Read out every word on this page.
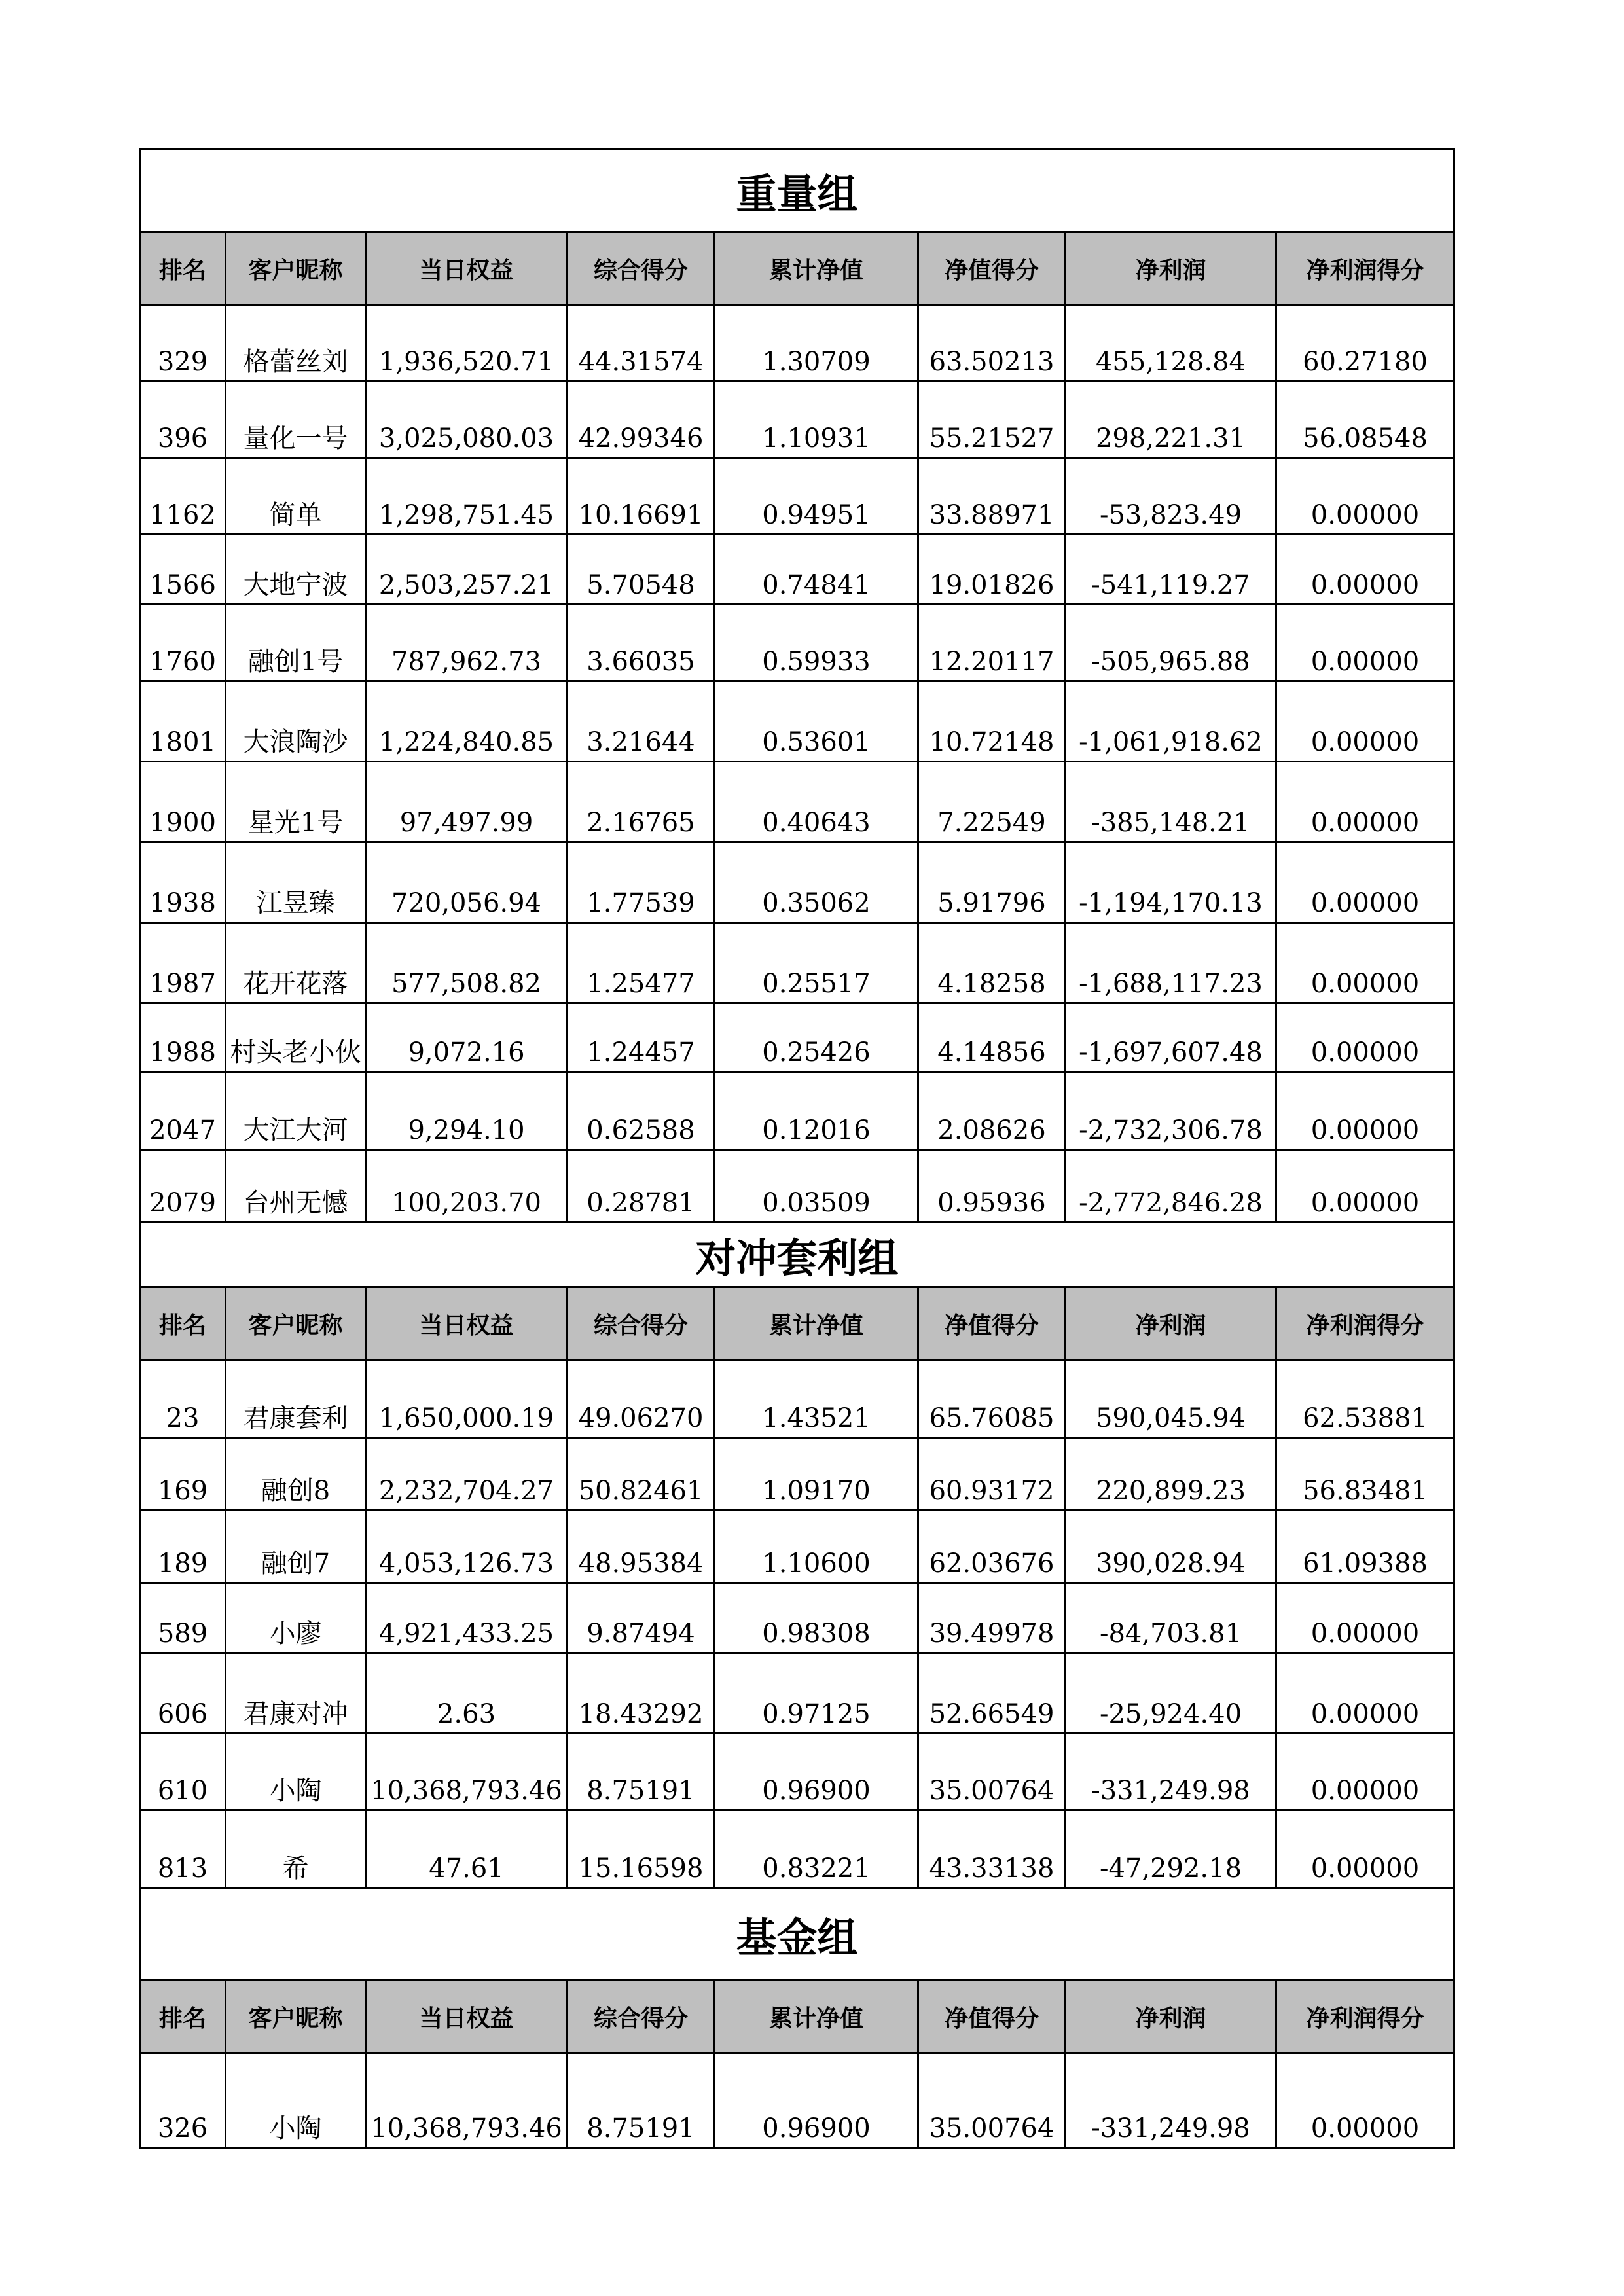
重量组							
排名	客户昵称	当日权益	综合得分	累计净值	净值得分	净利润	净利润得分
329	格蕾丝刘	1,936,520.71	44.31574	1.30709	63.50213	455,128.84	60.27180
396	量化一号	3,025,080.03	42.99346	1.10931	55.21527	298,221.31	56.08548
1162	简单	1,298,751.45	10.16691	0.94951	33.88971	-53,823.49	0.00000
1566	大地宁波	2,503,257.21	5.70548	0.74841	19.01826	-541,119.27	0.00000
1760	融创1号	787,962.73	3.66035	0.59933	12.20117	-505,965.88	0.00000
1801	大浪陶沙	1,224,840.85	3.21644	0.53601	10.72148	-1,061,918.62	0.00000
1900	星光1号	97,497.99	2.16765	0.40643	7.22549	-385,148.21	0.00000
1938	江昱臻	720,056.94	1.77539	0.35062	5.91796	-1,194,170.13	0.00000
1987	花开花落	577,508.82	1.25477	0.25517	4.18258	-1,688,117.23	0.00000
1988	村头老小伙	9,072.16	1.24457	0.25426	4.14856	-1,697,607.48	0.00000
2047	大江大河	9,294.10	0.62588	0.12016	2.08626	-2,732,306.78	0.00000
2079	台州无憾	100,203.70	0.28781	0.03509	0.95936	-2,772,846.28	0.00000
对冲套利组							
排名	客户昵称	当日权益	综合得分	累计净值	净值得分	净利润	净利润得分
23	君康套利	1,650,000.19	49.06270	1.43521	65.76085	590,045.94	62.53881
169	融创8	2,232,704.27	50.82461	1.09170	60.93172	220,899.23	56.83481
189	融创7	4,053,126.73	48.95384	1.10600	62.03676	390,028.94	61.09388
589	小廖	4,921,433.25	9.87494	0.98308	39.49978	-84,703.81	0.00000
606	君康对冲	2.63	18.43292	0.97125	52.66549	-25,924.40	0.00000
610	小陶	10,368,793.46	8.75191	0.96900	35.00764	-331,249.98	0.00000
813	希	47.61	15.16598	0.83221	43.33138	-47,292.18	0.00000
基金组							
排名	客户昵称	当日权益	综合得分	累计净值	净值得分	净利润	净利润得分
326	小陶	10,368,793.46	8.75191	0.96900	35.00764	-331,249.98	0.00000
